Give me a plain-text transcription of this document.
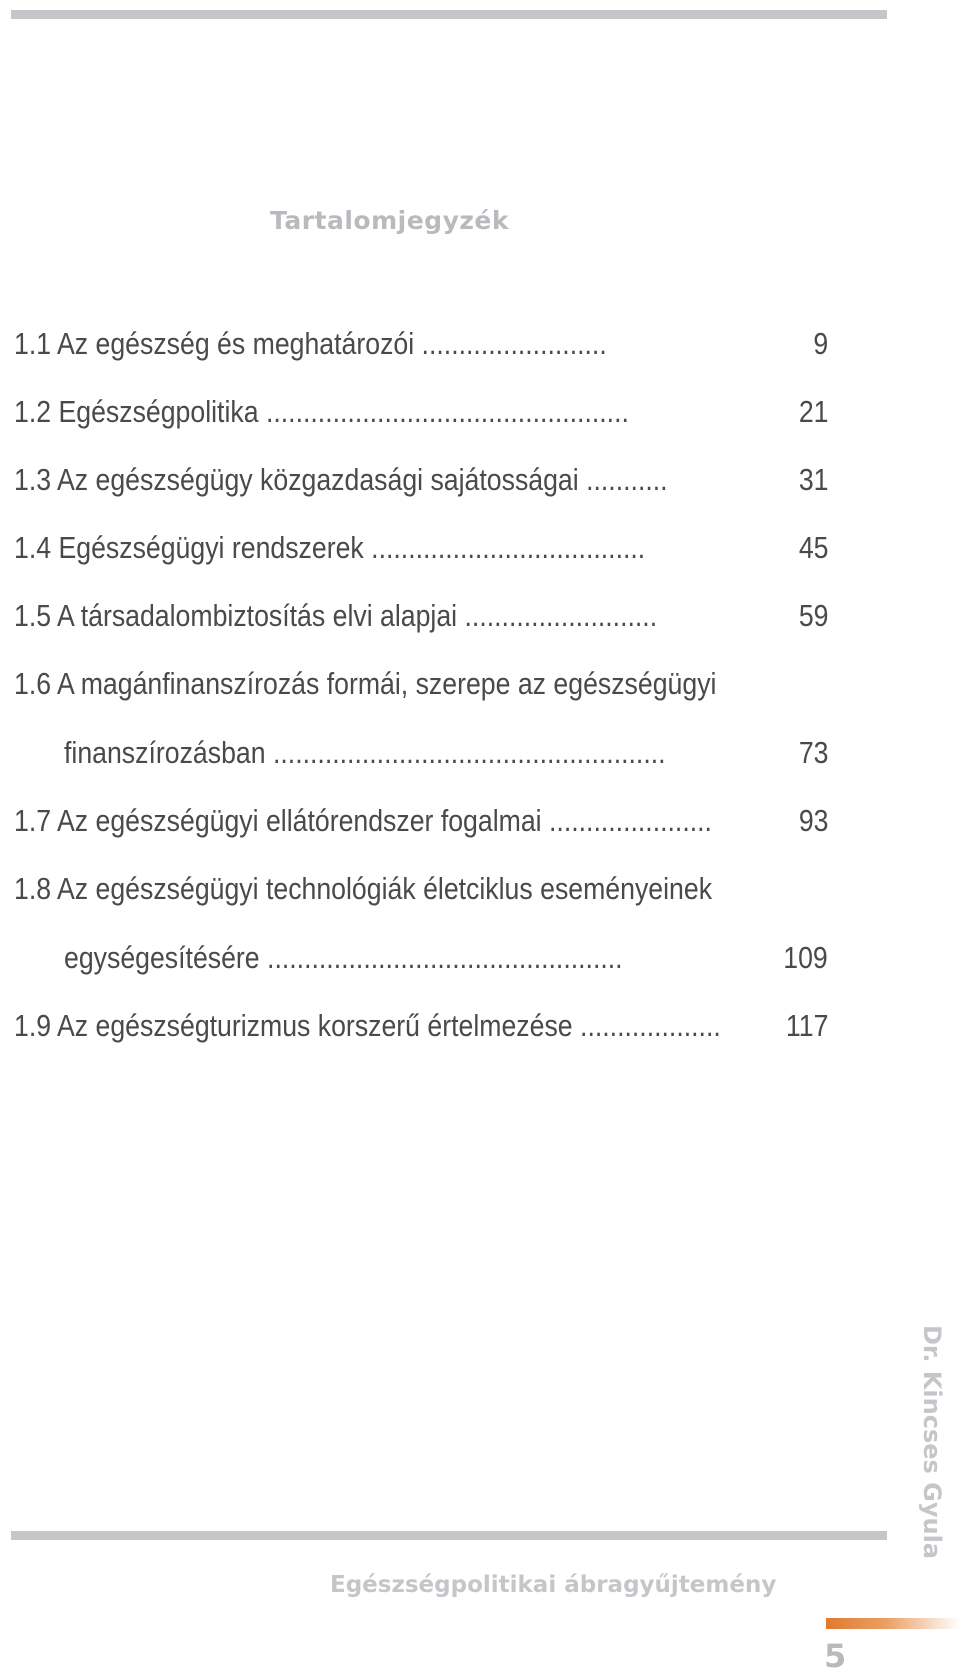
Tartalomjegyzék
1.1 Az egészség és meghatározói .........................	9
1.2 Egészségpolitika .................................................	21
1.3 Az egészségügy közgazdasági sajátosságai ...........	31
1.4 Egészségügyi rendszerek .....................................	45
1.5 A társadalombiztosítás elvi alapjai ..........................	59
1.6 A magánfinanszírozás formái, szerepe az egészségügyi
finanszírozásban .....................................................	73
1.7 Az egészségügyi ellátórendszer fogalmai ......................	93
1.8 Az egészségügyi technológiák életciklus eseményeinek
egységesítésére ................................................	109
1.9 Az egészségturizmus korszerű értelmezése ................... 117
Dr. Kincses Gyula
Egészségpolitikai ábragyűjtemény
5
